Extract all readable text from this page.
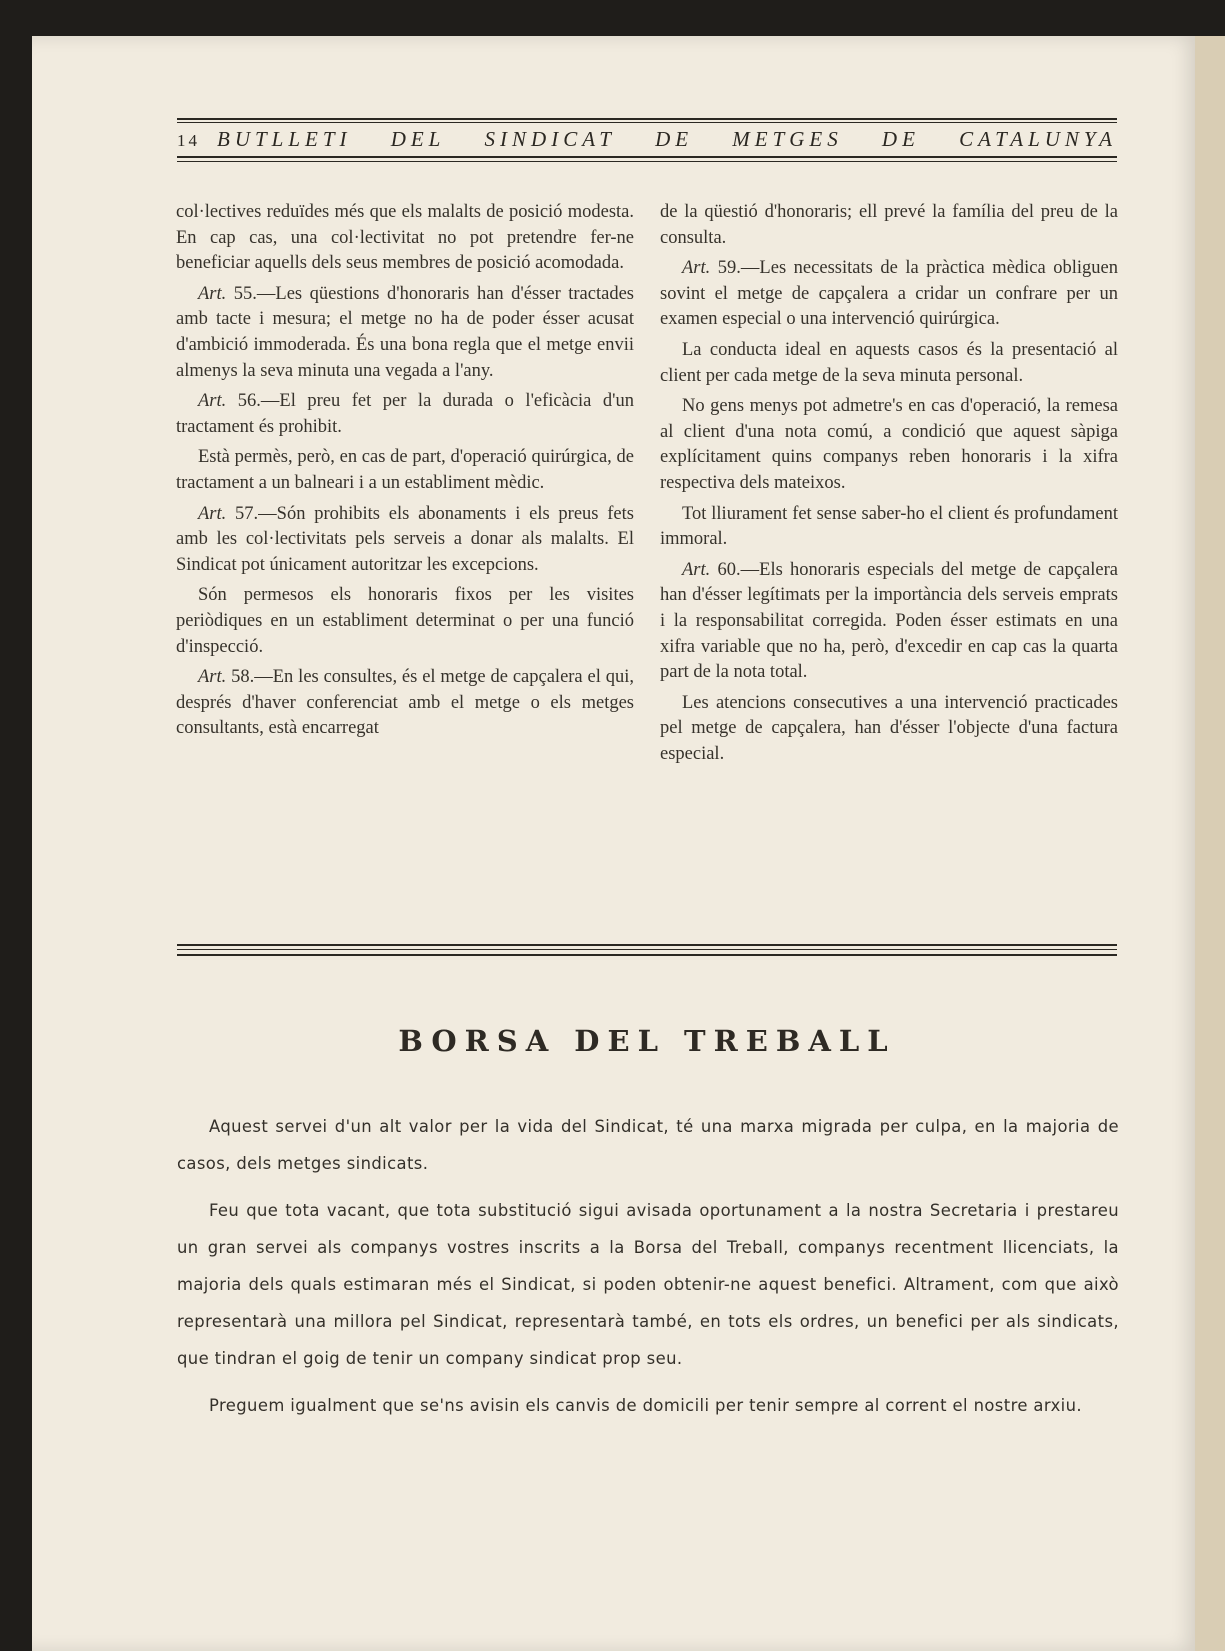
14 BUTLLETI DEL SINDICAT DE METGES DE CATALUNYA

col·lectives reduïdes més que els malalts de posició modesta. En cap cas, una col·lectivitat no pot pretendre fer-ne beneficiar aquells dels seus membres de posició acomodada.

Art. 55.—Les qüestions d'honoraris han d'ésser tractades amb tacte i mesura; el metge no ha de poder ésser acusat d'ambició immoderada. És una bona regla que el metge envii almenys la seva minuta una vegada a l'any.

Art. 56.—El preu fet per la durada o l'eficàcia d'un tractament és prohibit.

Està permès, però, en cas de part, d'operació quirúrgica, de tractament a un balneari i a un establiment mèdic.

Art. 57.—Són prohibits els abonaments i els preus fets amb les col·lectivitats pels serveis a donar als malalts. El Sindicat pot únicament autoritzar les excepcions.

Són permesos els honoraris fixos per les visites periòdiques en un establiment determinat o per una funció d'inspecció.

Art. 58.—En les consultes, és el metge de capçalera el qui, després d'haver conferenciat amb el metge o els metges consultants, està encarregat

de la qüestió d'honoraris; ell prevé la família del preu de la consulta.

Art. 59.—Les necessitats de la pràctica mèdica obliguen sovint el metge de capçalera a cridar un confrare per un examen especial o una intervenció quirúrgica.

La conducta ideal en aquests casos és la presentació al client per cada metge de la seva minuta personal.

No gens menys pot admetre's en cas d'operació, la remesa al client d'una nota comú, a condició que aquest sàpiga explícitament quins companys reben honoraris i la xifra respectiva dels mateixos.

Tot lliurament fet sense saber-ho el client és profundament immoral.

Art. 60.—Els honoraris especials del metge de capçalera han d'ésser legítimats per la importància dels serveis emprats i la responsabilitat corregida. Poden ésser estimats en una xifra variable que no ha, però, d'excedir en cap cas la quarta part de la nota total.

Les atencions consecutives a una intervenció practicades pel metge de capçalera, han d'ésser l'objecte d'una factura especial.

BORSA DEL TREBALL

Aquest servei d'un alt valor per la vida del Sindicat, té una marxa migrada per culpa, en la majoria de casos, dels metges sindicats.

Feu que tota vacant, que tota substitució sigui avisada oportunament a la nostra Secretaria i prestareu un gran servei als companys vostres inscrits a la Borsa del Treball, companys recentment llicenciats, la majoria dels quals estimaran més el Sindicat, si poden obtenir-ne aquest benefici. Altrament, com que això representarà una millora pel Sindicat, representarà també, en tots els ordres, un benefici per als sindicats, que tindran el goig de tenir un company sindicat prop seu.

Preguem igualment que se'ns avisin els canvis de domicili per tenir sempre al corrent el nostre arxiu.
